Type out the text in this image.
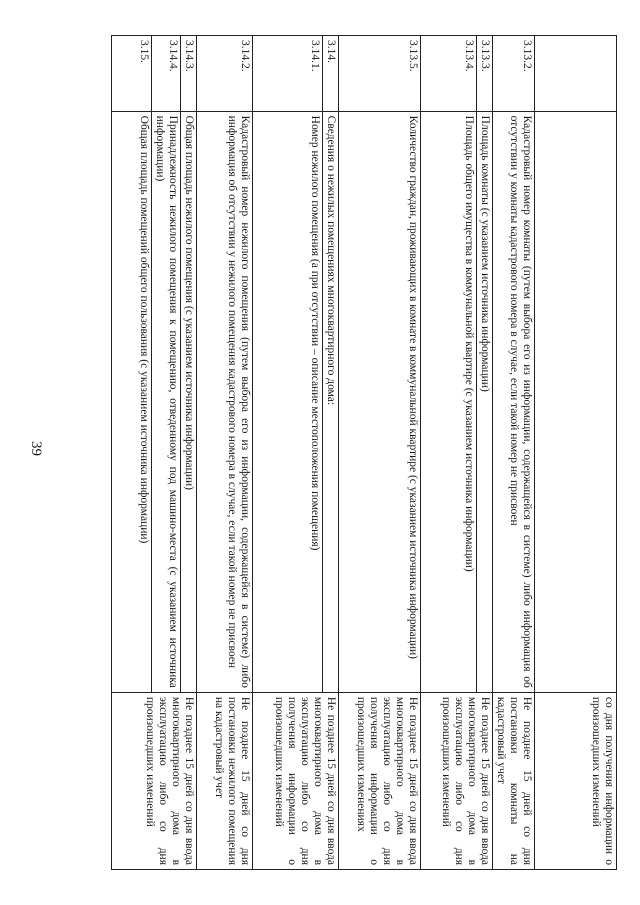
39
		со дня получения информации о произошедших изменений
3.13.2.	Кадастровый номер комнаты (путем выбора его из информации, содержащейся в системе) либо информация об отсутствии у комнаты кадастрового номера в случае, если такой номер не присвоен	Не позднее 15 дней со дня постановки комнаты на кадастровый учет
3.13.3.	Площадь комнаты (с указанием источника информации)	Не позднее 15 дней со дня ввода многоквартирного дома в эксплуатацию либо со дня произошедших изменений
3.13.4.	Площадь общего имущества в коммунальной квартире (с указанием источника информации)	
3.13.5.	Количество граждан, проживающих в комнате в коммунальной квартире (с указанием источника информации)	Не позднее 15 дней со дня ввода многоквартирного дома в эксплуатацию либо со дня получения информации о произошедших изменениях
3.14.	Сведения о нежилых помещениях многоквартирного дома:	Не позднее 15 дней со дня ввода многоквартирного дома в эксплуатацию либо со дня получения информации о произошедших изменений
3.14.1.	Номер нежилого помещения (а при отсутствии – описание местоположения помещения)	
3.14.2.	Кадастровый номер нежилого помещения (путем выбора его из информации, содержащейся в системе) либо информация об отсутствии у нежилого помещения кадастрового номера в случае, если такой номер не присвоен	Не позднее 15 дней со дня постановки нежилого помещения на кадастровый учет
3.14.3.	Общая площадь нежилого помещения (с указанием источника информации)	Не позднее 15 дней со дня ввода многоквартирного дома в эксплуатацию либо со дня произошедших изменений
3.14.4.	Принадлежность нежилого помещения к помещению, отведенному под машино-места (с указанием источника информации)	
3.15.	Общая площадь помещений общего пользования (с указанием источника информации)	
